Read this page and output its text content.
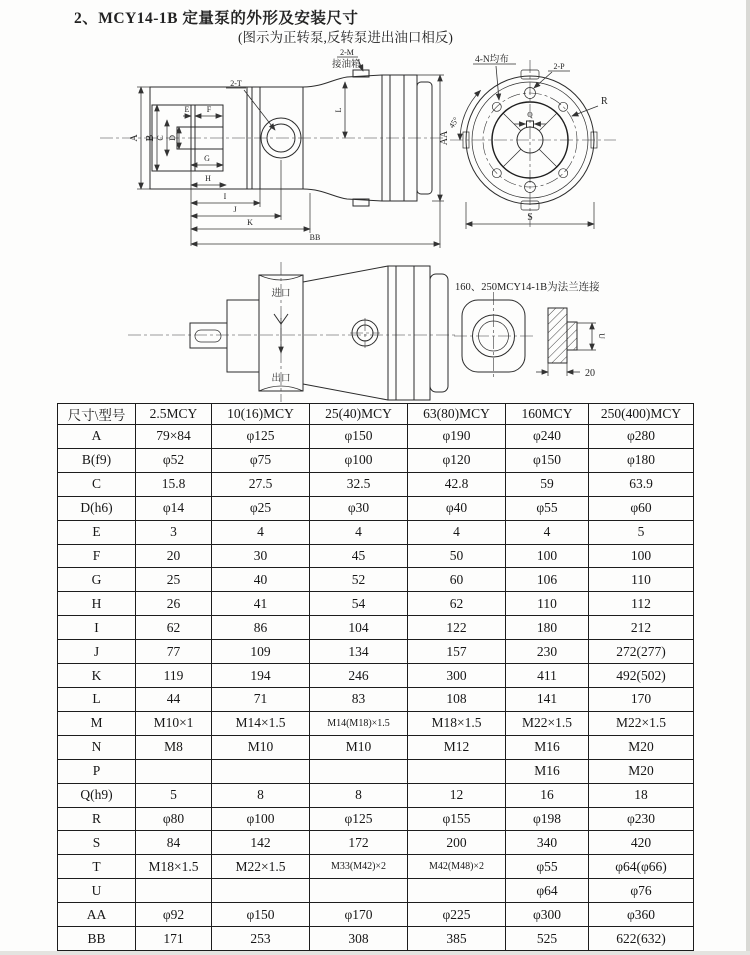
2、MCY14-1B 定量泵的外形及安装尺寸
(图示为正转泵,反转泵进出油口相反)
A B C D
E F
G
H
I
J
K
BB
L
AA
2-M
接油箱
2-T
4-N均布
2-P
R
45°
Q
S
进口
出口
160、250MCY14-1B为法兰连接
U
20
尺寸\型号	2.5MCY	10(16)MCY	25(40)MCY	63(80)MCY	160MCY	250(400)MCY
A	79×84	φ125	φ150	φ190	φ240	φ280
B(f9)	φ52	φ75	φ100	φ120	φ150	φ180
C	15.8	27.5	32.5	42.8	59	63.9
D(h6)	φ14	φ25	φ30	φ40	φ55	φ60
E	3	4	4	4	4	5
F	20	30	45	50	100	100
G	25	40	52	60	106	110
H	26	41	54	62	110	112
I	62	86	104	122	180	212
J	77	109	134	157	230	272(277)
K	119	194	246	300	411	492(502)
L	44	71	83	108	141	170
M	M10×1	M14×1.5	M14(M18)×1.5	M18×1.5	M22×1.5	M22×1.5
N	M8	M10	M10	M12	M16	M20
P					M16	M20
Q(h9)	5	8	8	12	16	18
R	φ80	φ100	φ125	φ155	φ198	φ230
S	84	142	172	200	340	420
T	M18×1.5	M22×1.5	M33(M42)×2	M42(M48)×2	φ55	φ64(φ66)
U					φ64	φ76
AA	φ92	φ150	φ170	φ225	φ300	φ360
BB	171	253	308	385	525	622(632)
